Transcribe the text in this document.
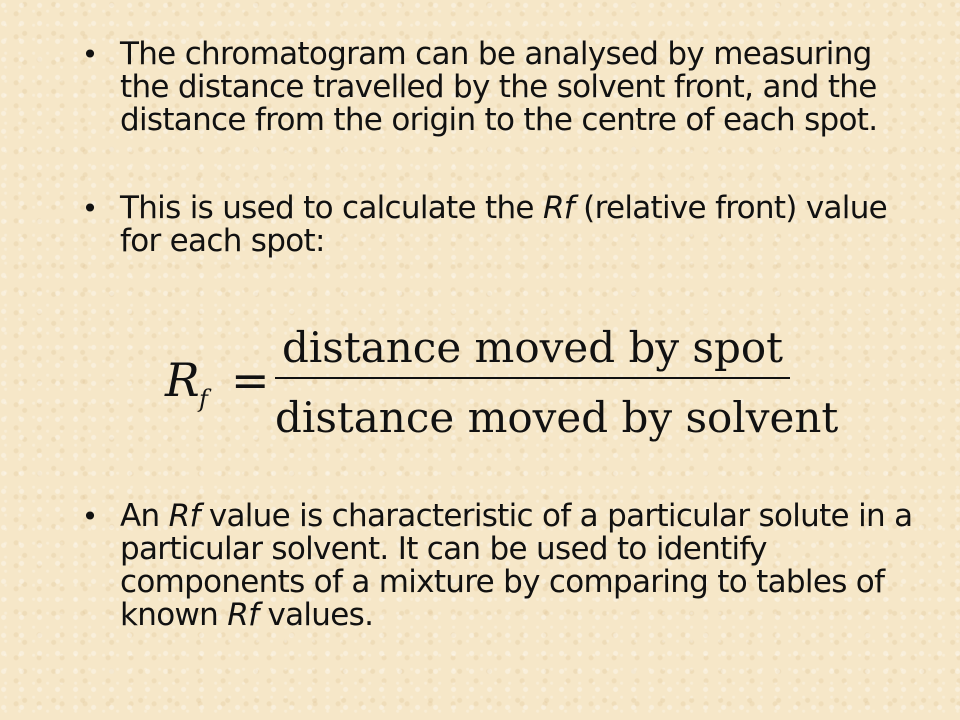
• The chromatogram can be analysed by measuring the distance travelled by the solvent front, and the distance from the origin to the centre of each spot.
• This is used to calculate the Rf (relative front) value for each spot:
R f =
distance moved by spot
distance moved by solvent
• An Rf value is characteristic of a particular solute in a particular solvent. It can be used to identify components of a mixture by comparing to tables of known Rf values.
